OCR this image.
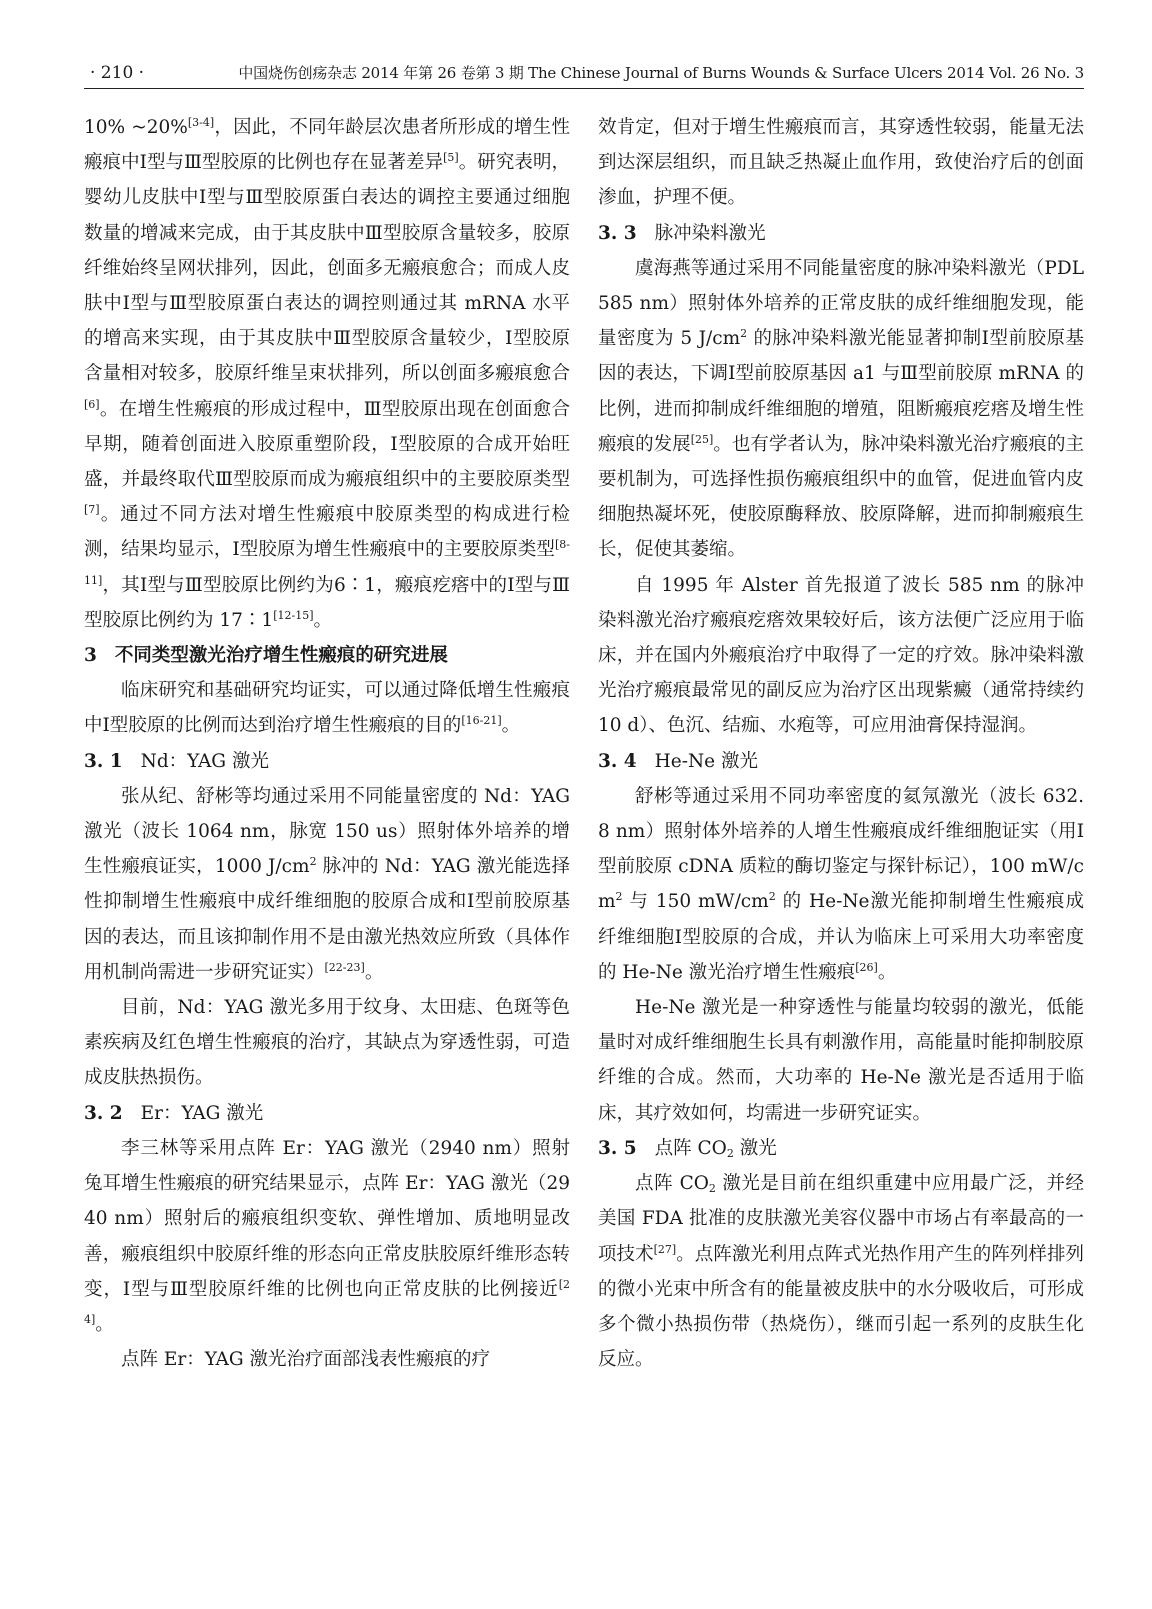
· 210 ·	中国烧伤创疡杂志 2014 年第 26 卷第 3 期 The Chinese Journal of Burns Wounds & Surface Ulcers 2014 Vol. 26 No. 3

10% ~20%[3-4]，因此，不同年龄层次患者所形成的增生性瘢痕中Ⅰ型与Ⅲ型胶原的比例也存在显著差异[5]。研究表明，婴幼儿皮肤中Ⅰ型与Ⅲ型胶原蛋白表达的调控主要通过细胞数量的增减来完成，由于其皮肤中Ⅲ型胶原含量较多，胶原纤维始终呈网状排列，因此，创面多无瘢痕愈合；而成人皮肤中Ⅰ型与Ⅲ型胶原蛋白表达的调控则通过其 mRNA 水平的增高来实现，由于其皮肤中Ⅲ型胶原含量较少，Ⅰ型胶原含量相对较多，胶原纤维呈束状排列，所以创面多瘢痕愈合[6]。在增生性瘢痕的形成过程中，Ⅲ型胶原出现在创面愈合早期，随着创面进入胶原重塑阶段，Ⅰ型胶原的合成开始旺盛，并最终取代Ⅲ型胶原而成为瘢痕组织中的主要胶原类型[7]。通过不同方法对增生性瘢痕中胶原类型的构成进行检测，结果均显示，Ⅰ型胶原为增生性瘢痕中的主要胶原类型[8-11]，其Ⅰ型与Ⅲ型胶原比例约为6∶1，瘢痕疙瘩中的Ⅰ型与Ⅲ型胶原比例约为 17∶1[12-15]。

3 不同类型激光治疗增生性瘢痕的研究进展

临床研究和基础研究均证实，可以通过降低增生性瘢痕中Ⅰ型胶原的比例而达到治疗增生性瘢痕的目的[16-21]。

3. 1 Nd：YAG 激光

张从纪、舒彬等均通过采用不同能量密度的 Nd：YAG 激光（波长 1064 nm，脉宽 150 us）照射体外培养的增生性瘢痕证实，1000 $J/cm^2$ 脉冲的 Nd：YAG 激光能选择性抑制增生性瘢痕中成纤维细胞的胶原合成和Ⅰ型前胶原基因的表达，而且该抑制作用不是由激光热效应所致（具体作用机制尚需进一步研究证实）[22-23]。

目前，Nd：YAG 激光多用于纹身、太田痣、色斑等色素疾病及红色增生性瘢痕的治疗，其缺点为穿透性弱，可造成皮肤热损伤。

3. 2 Er：YAG 激光

李三林等采用点阵 Er：YAG 激光（2940 nm）照射兔耳增生性瘢痕的研究结果显示，点阵 Er：YAG 激光（2940 nm）照射后的瘢痕组织变软、弹性增加、质地明显改善，瘢痕组织中胶原纤维的形态向正常皮肤胶原纤维形态转变，Ⅰ型与Ⅲ型胶原纤维的比例也向正常皮肤的比例接近[24]。

点阵 Er：YAG 激光治疗面部浅表性瘢痕的疗

效肯定，但对于增生性瘢痕而言，其穿透性较弱，能量无法到达深层组织，而且缺乏热凝止血作用，致使治疗后的创面渗血，护理不便。

3. 3 脉冲染料激光

虞海燕等通过采用不同能量密度的脉冲染料激光（PDL 585 nm）照射体外培养的正常皮肤的成纤维细胞发现，能量密度为 5 $J/cm^2$ 的脉冲染料激光能显著抑制Ⅰ型前胶原基因的表达，下调Ⅰ型前胶原基因 a1 与Ⅲ型前胶原 mRNA 的比例，进而抑制成纤维细胞的增殖，阻断瘢痕疙瘩及增生性瘢痕的发展[25]。也有学者认为，脉冲染料激光治疗瘢痕的主要机制为，可选择性损伤瘢痕组织中的血管，促进血管内皮细胞热凝坏死，使胶原酶释放、胶原降解，进而抑制瘢痕生长，促使其萎缩。

自 1995 年 Alster 首先报道了波长 585 nm 的脉冲染料激光治疗瘢痕疙瘩效果较好后，该方法便广泛应用于临床，并在国内外瘢痕治疗中取得了一定的疗效。脉冲染料激光治疗瘢痕最常见的副反应为治疗区出现紫癜（通常持续约 10 d）、色沉、结痂、水疱等，可应用油膏保持湿润。

3. 4 He-Ne 激光

舒彬等通过采用不同功率密度的氦氖激光（波长 632. 8 nm）照射体外培养的人增生性瘢痕成纤维细胞证实（用Ⅰ型前胶原 cDNA 质粒的酶切鉴定与探针标记），100 $mW/cm^2$ 与 150 $mW/cm^2$ 的 He-Ne激光能抑制增生性瘢痕成纤维细胞Ⅰ型胶原的合成，并认为临床上可采用大功率密度的 He-Ne 激光治疗增生性瘢痕[26]。

He-Ne 激光是一种穿透性与能量均较弱的激光，低能量时对成纤维细胞生长具有刺激作用，高能量时能抑制胶原纤维的合成。然而，大功率的 He-Ne 激光是否适用于临床，其疗效如何，均需进一步研究证实。

3. 5 点阵 $CO_2$ 激光

点阵 $CO_2$ 激光是目前在组织重建中应用最广泛，并经美国 FDA 批准的皮肤激光美容仪器中市场占有率最高的一项技术[27]。点阵激光利用点阵式光热作用产生的阵列样排列的微小光束中所含有的能量被皮肤中的水分吸收后，可形成多个微小热损伤带（热烧伤），继而引起一系列的皮肤生化反应。
